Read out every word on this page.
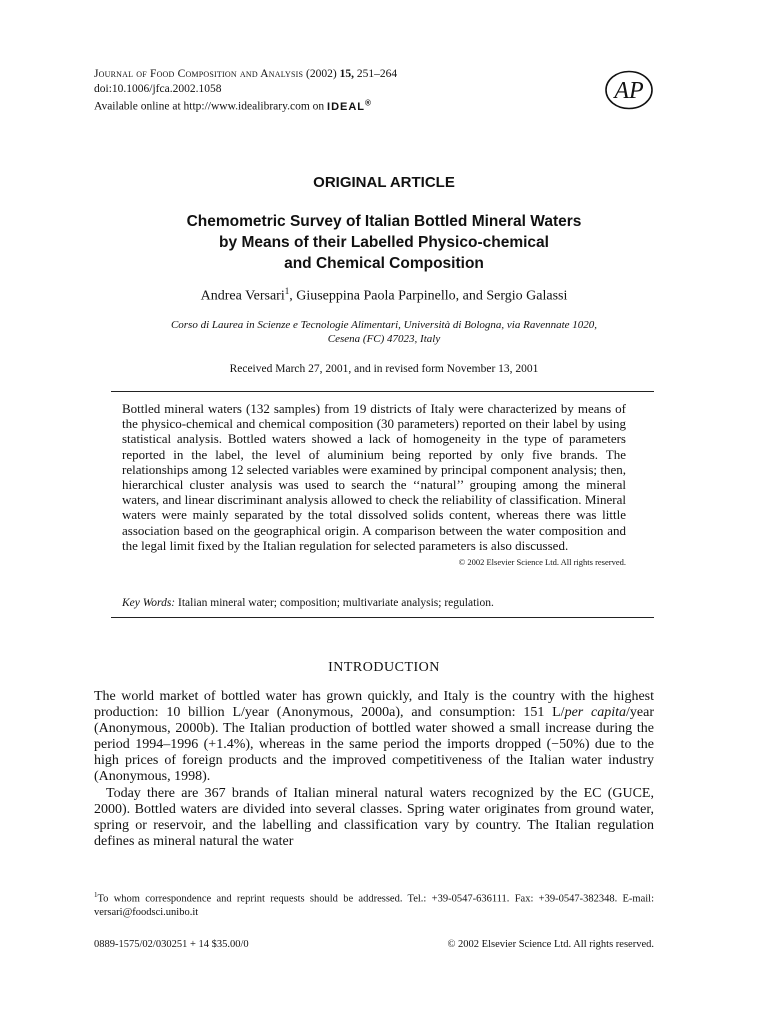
Journal of Food Composition and Analysis (2002) 15, 251–264
doi:10.1006/jfca.2002.1058
Available online at http://www.idealibrary.com on IDEAL®	AP
ORIGINAL ARTICLE
Chemometric Survey of Italian Bottled Mineral Waters
by Means of their Labelled Physico-chemical
and Chemical Composition
Andrea Versari$^1$, Giuseppina Paola Parpinello, and Sergio Galassi
Corso di Laurea in Scienze e Tecnologie Alimentari, Università di Bologna, via Ravennate 1020,
Cesena (FC) 47023, Italy
Received March 27, 2001, and in revised form November 13, 2001
Bottled mineral waters (132 samples) from 19 districts of Italy were characterized by means of the physico-chemical and chemical composition (30 parameters) reported on their label by using statistical analysis. Bottled waters showed a lack of homogeneity in the type of parameters reported in the label, the level of aluminium being reported by only five brands. The relationships among 12 selected variables were examined by principal component analysis; then, hierarchical cluster analysis was used to search the ‘‘natural’’ grouping among the mineral waters, and linear discriminant analysis allowed to check the reliability of classification. Mineral waters were mainly separated by the total dissolved solids content, whereas there was little association based on the geographical origin. A comparison between the water composition and the legal limit fixed by the Italian regulation for selected parameters is also discussed.
© 2002 Elsevier Science Ltd. All rights reserved.
Key Words: Italian mineral water; composition; multivariate analysis; regulation.
INTRODUCTION

The world market of bottled water has grown quickly, and Italy is the country with the highest production: 10 billion L/year (Anonymous, 2000a), and consumption: 151 L/per capita/year (Anonymous, 2000b). The Italian production of bottled water showed a small increase during the period 1994–1996 (+1.4%), whereas in the same period the imports dropped (−50%) due to the high prices of foreign products and the improved competitiveness of the Italian water industry (Anonymous, 1998).

Today there are 367 brands of Italian mineral natural waters recognized by the EC (GUCE, 2000). Bottled waters are divided into several classes. Spring water originates from ground water, spring or reservoir, and the labelling and classification vary by country. The Italian regulation defines as mineral natural the water

$^1$To whom correspondence and reprint requests should be addressed. Tel.: +39-0547-636111. Fax: +39-0547-382348. E-mail: versari@foodsci.unibo.it
0889-1575/02/030251 + 14 $35.00/0	© 2002 Elsevier Science Ltd. All rights reserved.
